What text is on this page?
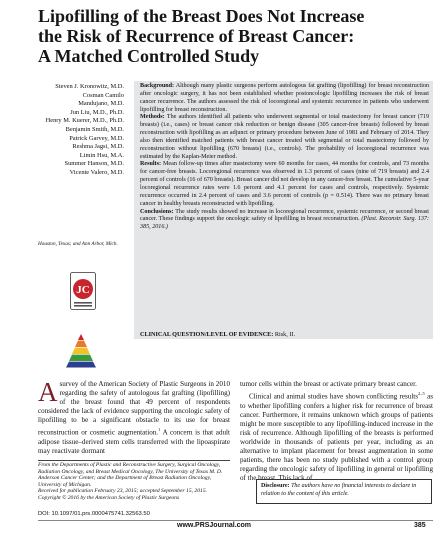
Lipofilling of the Breast Does Not Increase
the Risk of Recurrence of Breast Cancer:
A Matched Controlled Study
Steven J. Kronowitz, M.D.
Cosman Camilo
Mandujano, M.D.
Jun Liu, M.D., Ph.D.
Henry M. Kuerer, M.D., Ph.D.
Benjamin Smith, M.D.
Patrick Garvey, M.D.
Reshma Jagsi, M.D.
Limin Hsu, M.A.
Summer Hanson, M.D.
Vicente Valero, M.D.
Houston, Texas; and Ann Arbor, Mich.
JC

Background: Although many plastic surgeons perform autologous fat grafting (lipofilling) for breast reconstruction after oncologic surgery, it has not been established whether postoncologic lipofilling increases the risk of breast cancer recurrence. The authors assessed the risk of locoregional and systemic recurrence in patients who underwent lipofilling for breast reconstruction.

Methods: The authors identified all patients who underwent segmental or total mastectomy for breast cancer (719 breasts) (i.e., cases) or breast cancer risk reduction or benign disease (305 cancer-free breasts) followed by breast reconstruction with lipofilling as an adjunct or primary procedure between June of 1981 and February of 2014. They also then identified matched patients with breast cancer treated with segmental or total mastectomy followed by reconstruction without lipofilling (670 breasts) (i.e., controls). The probability of locoregional recurrence was estimated by the Kaplan-Meier method.

Results: Mean follow-up times after mastectomy were 60 months for cases, 44 months for controls, and 73 months for cancer-free breasts. Locoregional recurrence was observed in 1.3 percent of cases (nine of 719 breasts) and 2.4 percent of controls (16 of 670 breasts). Breast cancer did not develop in any cancer-free breast. The cumulative 5-year locoregional recurrence rates were 1.6 percent and 4.1 percent for cases and controls, respectively. Systemic recurrence occurred in 2.4 percent of cases and 3.6 percent of controls (p = 0.514). There was no primary breast cancer in healthy breasts reconstructed with lipofilling.

Conclusions: The study results showed no increase in locoregional recurrence, systemic recurrence, or second breast cancer. These findings support the oncologic safety of lipofilling in breast reconstruction. (Plast. Reconstr. Surg. 137: 385, 2016.)

CLINICAL QUESTION/LEVEL OF EVIDENCE: Risk, II.

Asurvey of the American Society of Plastic Surgeons in 2010 regarding the safety of autologous fat grafting (lipofilling) of the breast found that 49 percent of respondents considered the lack of evidence supporting the oncologic safety of lipofilling to be a significant obstacle to its use for breast reconstruction or cosmetic augmentation.$^1$ A concern is that adult adipose tissue–derived stem cells transferred with the lipoaspirate may reactivate dormant

tumor cells within the breast or activate primary breast cancer.

Clinical and animal studies have shown conflicting results$^{2-5}$ as to whether lipofilling confers a higher risk for recurrence of breast cancer. Furthermore, it remains unknown which groups of patients might be more susceptible to any lipofilling-induced increase in the risk of recurrence. Although lipofilling of the breasts is performed worldwide in thousands of patients per year, including as an alternative to implant placement for breast augmentation in some patients, there has been no study published with a control group regarding the oncologic safety of lipofilling in general or lipofilling of the breast. This lack of

From the Departments of Plastic and Reconstructive Surgery, Surgical Oncology, Radiation Oncology, and Breast Medical Oncology, The University of Texas M. D. Anderson Cancer Center; and the Department of Breast Radiation Oncology, University of Michigan.

Received for publication February 23, 2015; accepted September 15, 2015.

Copyright © 2016 by the American Society of Plastic Surgeons

DOI: 10.1097/01.prs.0000475741.32563.50
Disclosure: The authors have no financial interests to declare in relation to the content of this article.
www.PRSJournal.com	385
